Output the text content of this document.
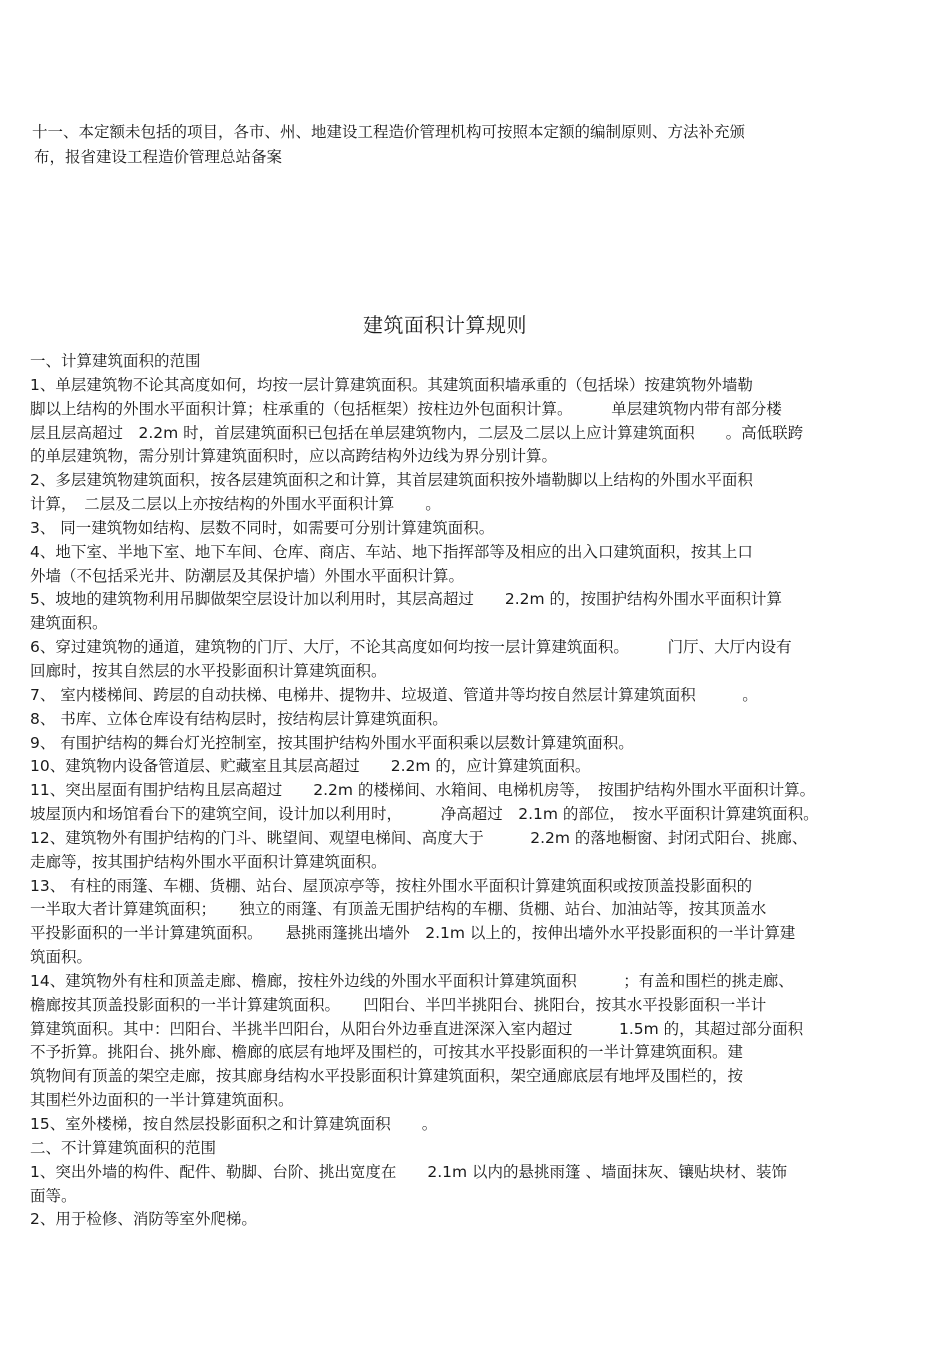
十一、本定额未包括的项目，各市、州、地建设工程造价管理机构可按照本定额的编制原则、方法补充颁

布，报省建设工程造价管理总站备案

建筑面积计算规则
一、计算建筑面积的范围
1、单层建筑物不论其高度如何，均按一层计算建筑面积。其建筑面积墙承重的（包括垛）按建筑物外墙勒
脚以上结构的外围水平面积计算；柱承重的（包括框架）按柱边外包面积计算。　　　单层建筑物内带有部分楼
层且层高超过　2.2m 时，首层建筑面积已包括在单层建筑物内，二层及二层以上应计算建筑面积　　。高低联跨
的单层建筑物，需分别计算建筑面积时，应以高跨结构外边线为界分别计算。
2、多层建筑物建筑面积，按各层建筑面积之和计算，其首层建筑面积按外墙勒脚以上结构的外围水平面积
计算，　二层及二层以上亦按结构的外围水平面积计算　　。
3、 同一建筑物如结构、层数不同时，如需要可分别计算建筑面积。
4、地下室、半地下室、地下车间、仓库、商店、车站、地下指挥部等及相应的出入口建筑面积，按其上口
外墙（不包括采光井、防潮层及其保护墙）外围水平面积计算。
5、坡地的建筑物利用吊脚做架空层设计加以利用时，其层高超过　　2.2m 的，按围护结构外围水平面积计算
建筑面积。
6、穿过建筑物的通道，建筑物的门厅、大厅，不论其高度如何均按一层计算建筑面积。　　　门厅、大厅内设有
回廊时，按其自然层的水平投影面积计算建筑面积。
7、 室内楼梯间、跨层的自动扶梯、电梯井、提物井、垃圾道、管道井等均按自然层计算建筑面积　　　。
8、 书库、立体仓库设有结构层时，按结构层计算建筑面积。
9、 有围护结构的舞台灯光控制室，按其围护结构外围水平面积乘以层数计算建筑面积。
10、建筑物内设备管道层、贮藏室且其层高超过　　2.2m 的，应计算建筑面积。
11、突出屋面有围护结构且层高超过　　2.2m 的楼梯间、水箱间、电梯机房等，　按围护结构外围水平面积计算。
坡屋顶内和场馆看台下的建筑空间，设计加以利用时，　　　净高超过　2.1m 的部位，　按水平面积计算建筑面积。
12、建筑物外有围护结构的门斗、眺望间、观望电梯间、高度大于　　　2.2m 的落地橱窗、封闭式阳台、挑廊、
走廊等，按其围护结构外围水平面积计算建筑面积。
13、 有柱的雨篷、车棚、货棚、站台、屋顶凉亭等，按柱外围水平面积计算建筑面积或按顶盖投影面积的
一半取大者计算建筑面积；　　独立的雨篷、有顶盖无围护结构的车棚、货棚、站台、加油站等，按其顶盖水
平投影面积的一半计算建筑面积。　　悬挑雨篷挑出墙外　2.1m 以上的，按伸出墙外水平投影面积的一半计算建
筑面积。
14、建筑物外有柱和顶盖走廊、檐廊，按柱外边线的外围水平面积计算建筑面积　　　；有盖和围栏的挑走廊、
檐廊按其顶盖投影面积的一半计算建筑面积。　　凹阳台、半凹半挑阳台、挑阳台，按其水平投影面积一半计
算建筑面积。其中：凹阳台、半挑半凹阳台，从阳台外边垂直进深深入室内超过　　　1.5m 的，其超过部分面积
不予折算。挑阳台、挑外廊、檐廊的底层有地坪及围栏的，可按其水平投影面积的一半计算建筑面积。建
筑物间有顶盖的架空走廊，按其廊身结构水平投影面积计算建筑面积，架空通廊底层有地坪及围栏的，按
其围栏外边面积的一半计算建筑面积。
15、室外楼梯，按自然层投影面积之和计算建筑面积　　。
二、不计算建筑面积的范围
1、突出外墙的构件、配件、勒脚、台阶、挑出宽度在　　2.1m 以内的悬挑雨篷 、墙面抹灰、镶贴块材、装饰
面等。
2、用于检修、消防等室外爬梯。
